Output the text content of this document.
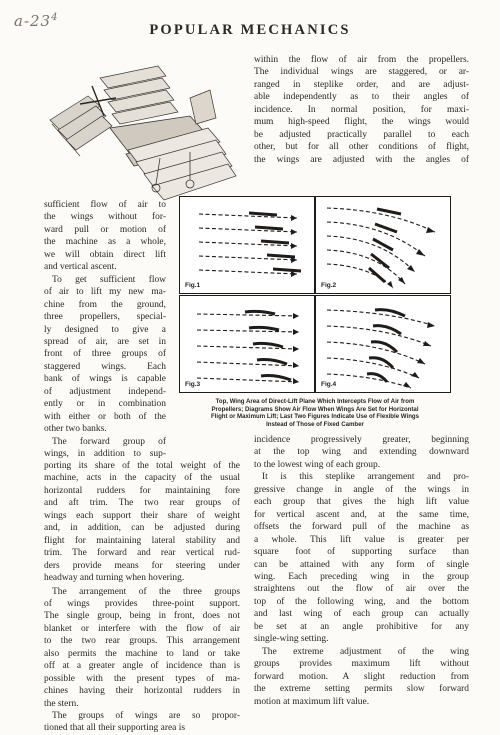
$a-23^4$
POPULAR MECHANICS
within the flow of air from the propellers.
The individual wings are staggered, or ar-
ranged in steplike order, and are adjust-
able independently as to their angles of
incidence. In normal position, for maxi-
mum high-speed flight, the wings would
be adjusted practically parallel to each
other, but for all other conditions of flight,
the wings are adjusted with the angles of
sufficient flow of air to
the wings without for-
ward pull or motion of
the machine as a whole,
we will obtain direct lift
and vertical ascent.
To get sufficient flow
of air to lift my new ma-
chine from the ground,
three propellers, special-
ly designed to give a
spread of air, are set in
front of three groups of
staggered wings. Each
bank of wings is capable
of adjustment independ-
ently or in combination
with either or both of the
other two banks.
The forward group of
wings, in addition to sup-
Fig.1	Fig.2
Fig.3	Fig.4
Top, Wing Area of Direct-Lift Plane Which Intercepts Flow of Air from
Propellers; Diagrams Show Air Flow When Wings Are Set for Horizontal
Flight or Maximum Lift; Last Two Figures Indicate Use of Flexible Wings
Instead of Those of Fixed Camber
porting its share of the total weight of the
machine, acts in the capacity of the usual
horizontal rudders for maintaining fore
and aft trim. The two rear groups of
wings each support their share of weight
and, in addition, can be adjusted during
flight for maintaining lateral stability and
trim. The forward and rear vertical rud-
ders provide means for steering under
headway and turning when hovering.
The arrangement of the three groups
of wings provides three-point support.
The single group, being in front, does not
blanket or interfere with the flow of air
to the two rear groups. This arrangement
also permits the machine to land or take
off at a greater angle of incidence than is
possible with the present types of ma-
chines having their horizontal rudders in
the stern.
The groups of wings are so propor-
tioned that all their supporting area is
incidence progressively greater, beginning
at the top wing and extending downward
to the lowest wing of each group.
It is this steplike arrangement and pro-
gressive change in angle of the wings in
each group that gives the high lift value
for vertical ascent and, at the same time,
offsets the forward pull of the machine as
a whole. This lift value is greater per
square foot of supporting surface than
can be attained with any form of single
wing. Each preceding wing in the group
straightens out the flow of air over the
top of the following wing, and the bottom
and last wing of each group can actually
be set at an angle prohibitive for any
single-wing setting.
The extreme adjustment of the wing
groups provides maximum lift without
forward motion. A slight reduction from
the extreme setting permits slow forward
motion at maximum lift value.
